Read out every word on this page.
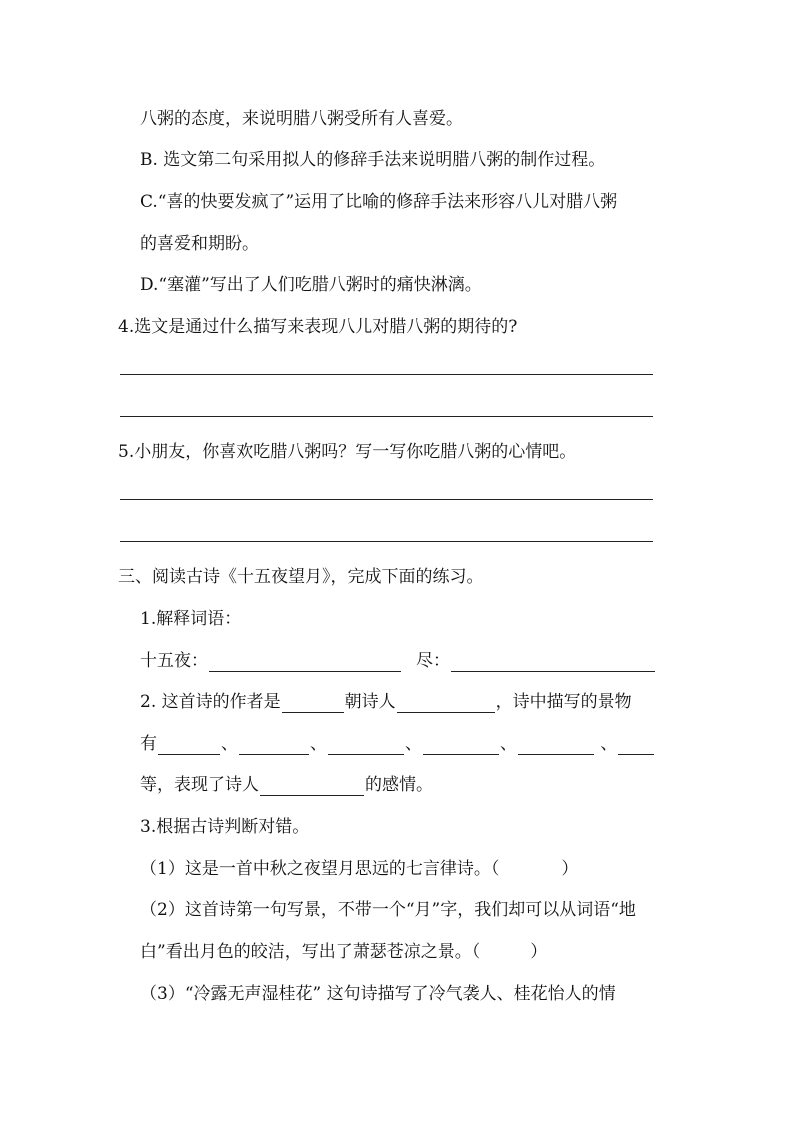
八粥的态度，来说明腊八粥受所有人喜爱。
B. 选文第二句采用拟人的修辞手法来说明腊八粥的制作过程。
C.“喜的快要发疯了”运用了比喻的修辞手法来形容八儿对腊八粥
的喜爱和期盼。
D.“塞灌”写出了人们吃腊八粥时的痛快淋漓。
4.选文是通过什么描写来表现八儿对腊八粥的期待的?
5.小朋友，你喜欢吃腊八粥吗？写一写你吃腊八粥的心情吧。
三、阅读古诗《十五夜望月》，完成下面的练习。
1.解释词语：
十五夜：	尽：
2. 这首诗的作者是	朝诗人	，诗中描写的景物
有	、	、	、	、	、
等，表现了诗人	的感情。
3.根据古诗判断对错。
（1）这是一首中秋之夜望月思远的七言律诗。（	）
（2）这首诗第一句写景，不带一个“月”字，我们却可以从词语“地
白”看出月色的皎洁，写出了萧瑟苍凉之景。（	）
（3）“冷露无声湿桂花” 这句诗描写了冷气袭人、桂花怡人的情
